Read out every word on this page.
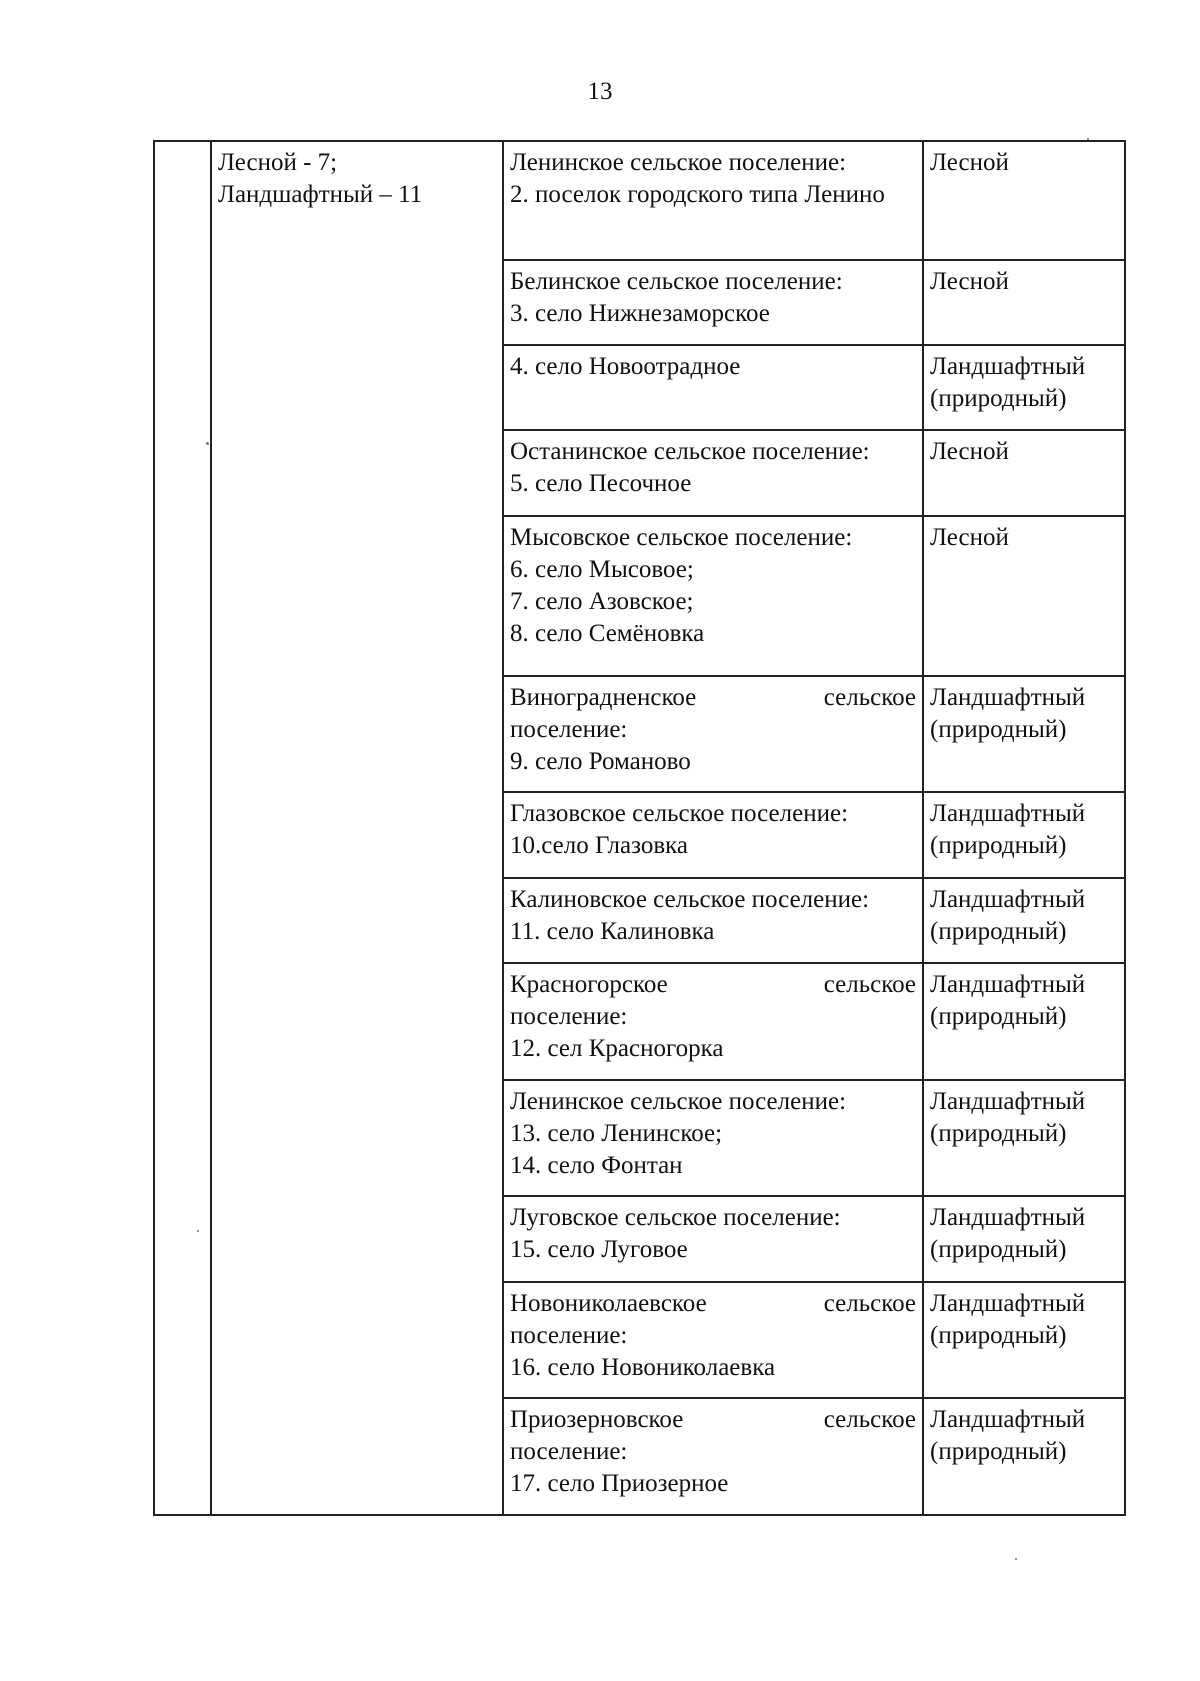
13

	Лесной - 7;
Ландшафтный – 11	Ленинское сельское поселение:
2. поселок городского типа Ленино	Лесной

		Белинское сельское поселение:
3. село Нижнезаморское	Лесной

		4. село Новоотрадное	Ландшафтный
(природный)

		Останинское сельское поселение:
5. село Песочное	Лесной

		Мысовское сельское поселение:
6. село Мысовое;
7. село Азовское;
8. село Семёновка	Лесной

		Виноградненское сельское
поселение:
9. село Романово	Ландшафтный
(природный)

		Глазовское сельское поселение:
10.село Глазовка	Ландшафтный
(природный)

		Калиновское сельское поселение:
11. село Калиновка	Ландшафтный
(природный)

		Красногорское сельское
поселение:
12. сел Красногорка	Ландшафтный
(природный)

		Ленинское сельское поселение:
13. село Ленинское;
14. село Фонтан	Ландшафтный
(природный)

		Луговское сельское поселение:
15. село Луговое	Ландшафтный
(природный)

		Новониколаевское сельское
поселение:
16. село Новониколаевка	Ландшафтный
(природный)

		Приозерновское сельское
поселение:
17. село Приозерное	Ландшафтный
(природный)
